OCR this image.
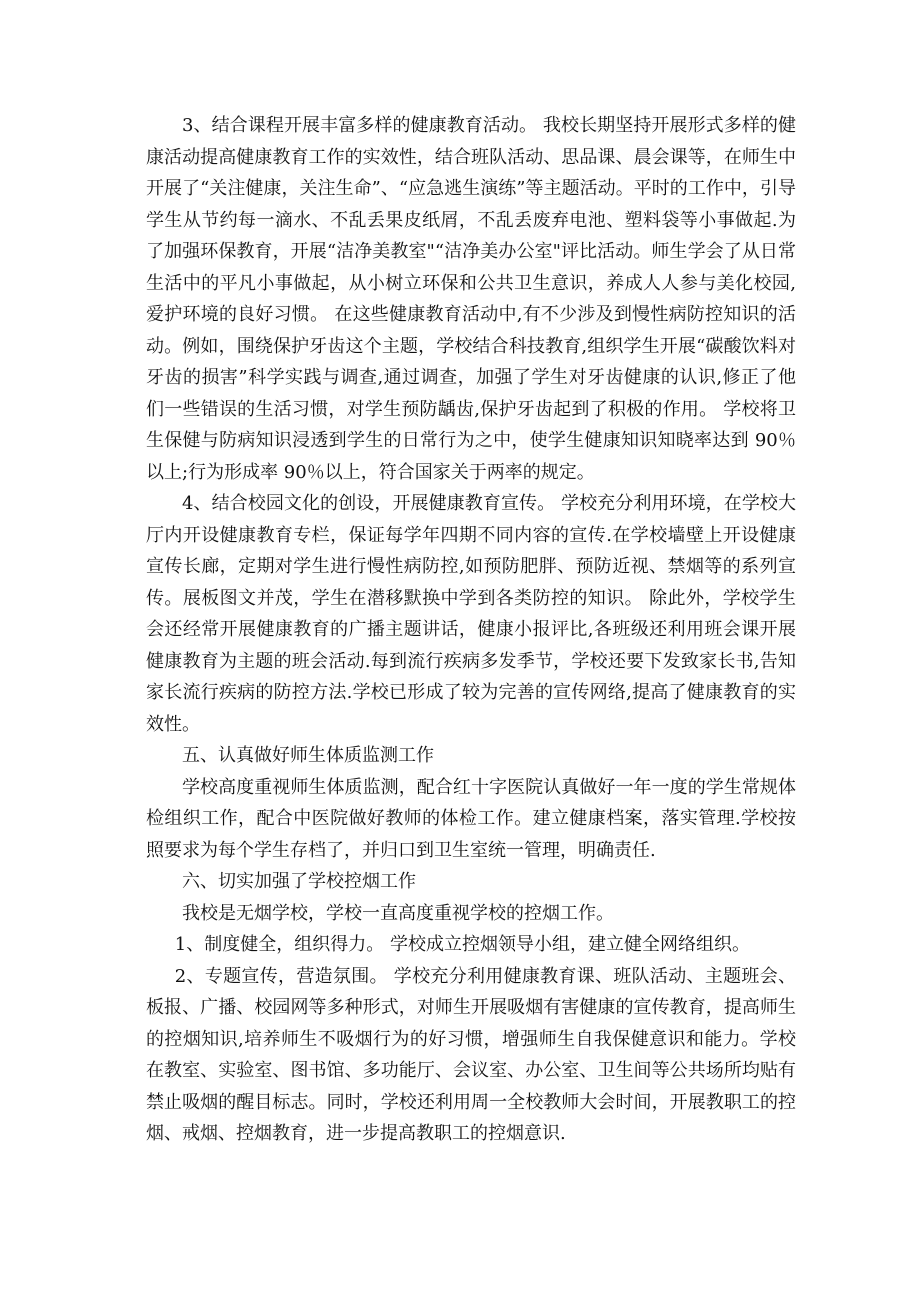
3、结合课程开展丰富多样的健康教育活动。 我校长期坚持开展形式多样的健康活动提高健康教育工作的实效性，结合班队活动、思品课、晨会课等，在师生中开展了“关注健康，关注生命”、“应急逃生演练”等主题活动。平时的工作中，引导学生从节约每一滴水、不乱丢果皮纸屑，不乱丢废弃电池、塑料袋等小事做起.为了加强环保教育，开展“洁净美教室"“洁净美办公室"评比活动。师生学会了从日常生活中的平凡小事做起，从小树立环保和公共卫生意识，养成人人参与美化校园,爱护环境的良好习惯。 在这些健康教育活动中,有不少涉及到慢性病防控知识的活动。例如，围绕保护牙齿这个主题，学校结合科技教育,组织学生开展“碳酸饮料对牙齿的损害”科学实践与调查,通过调查，加强了学生对牙齿健康的认识,修正了他们一些错误的生活习惯，对学生预防龋齿,保护牙齿起到了积极的作用。 学校将卫生保健与防病知识浸透到学生的日常行为之中，使学生健康知识知晓率达到 90％以上;行为形成率 90％以上，符合国家关于两率的规定。

4、结合校园文化的创设，开展健康教育宣传。 学校充分利用环境，在学校大厅内开设健康教育专栏，保证每学年四期不同内容的宣传.在学校墙壁上开设健康宣传长廊，定期对学生进行慢性病防控,如预防肥胖、预防近视、禁烟等的系列宣传。展板图文并茂，学生在潜移默换中学到各类防控的知识。 除此外，学校学生会还经常开展健康教育的广播主题讲话，健康小报评比,各班级还利用班会课开展健康教育为主题的班会活动.每到流行疾病多发季节，学校还要下发致家长书,告知家长流行疾病的防控方法.学校已形成了较为完善的宣传网络,提高了健康教育的实效性。

五、认真做好师生体质监测工作

学校高度重视师生体质监测，配合红十字医院认真做好一年一度的学生常规体检组织工作，配合中医院做好教师的体检工作。建立健康档案，落实管理.学校按照要求为每个学生存档了，并归口到卫生室统一管理，明确责任.

六、切实加强了学校控烟工作

我校是无烟学校，学校一直高度重视学校的控烟工作。

1、制度健全，组织得力。 学校成立控烟领导小组，建立健全网络组织。

2、专题宣传，营造氛围。 学校充分利用健康教育课、班队活动、主题班会、板报、广播、校园网等多种形式，对师生开展吸烟有害健康的宣传教育，提高师生的控烟知识,培养师生不吸烟行为的好习惯，增强师生自我保健意识和能力。学校在教室、实验室、图书馆、多功能厅、会议室、办公室、卫生间等公共场所均贴有禁止吸烟的醒目标志。同时，学校还利用周一全校教师大会时间，开展教职工的控烟、戒烟、控烟教育，进一步提高教职工的控烟意识.
